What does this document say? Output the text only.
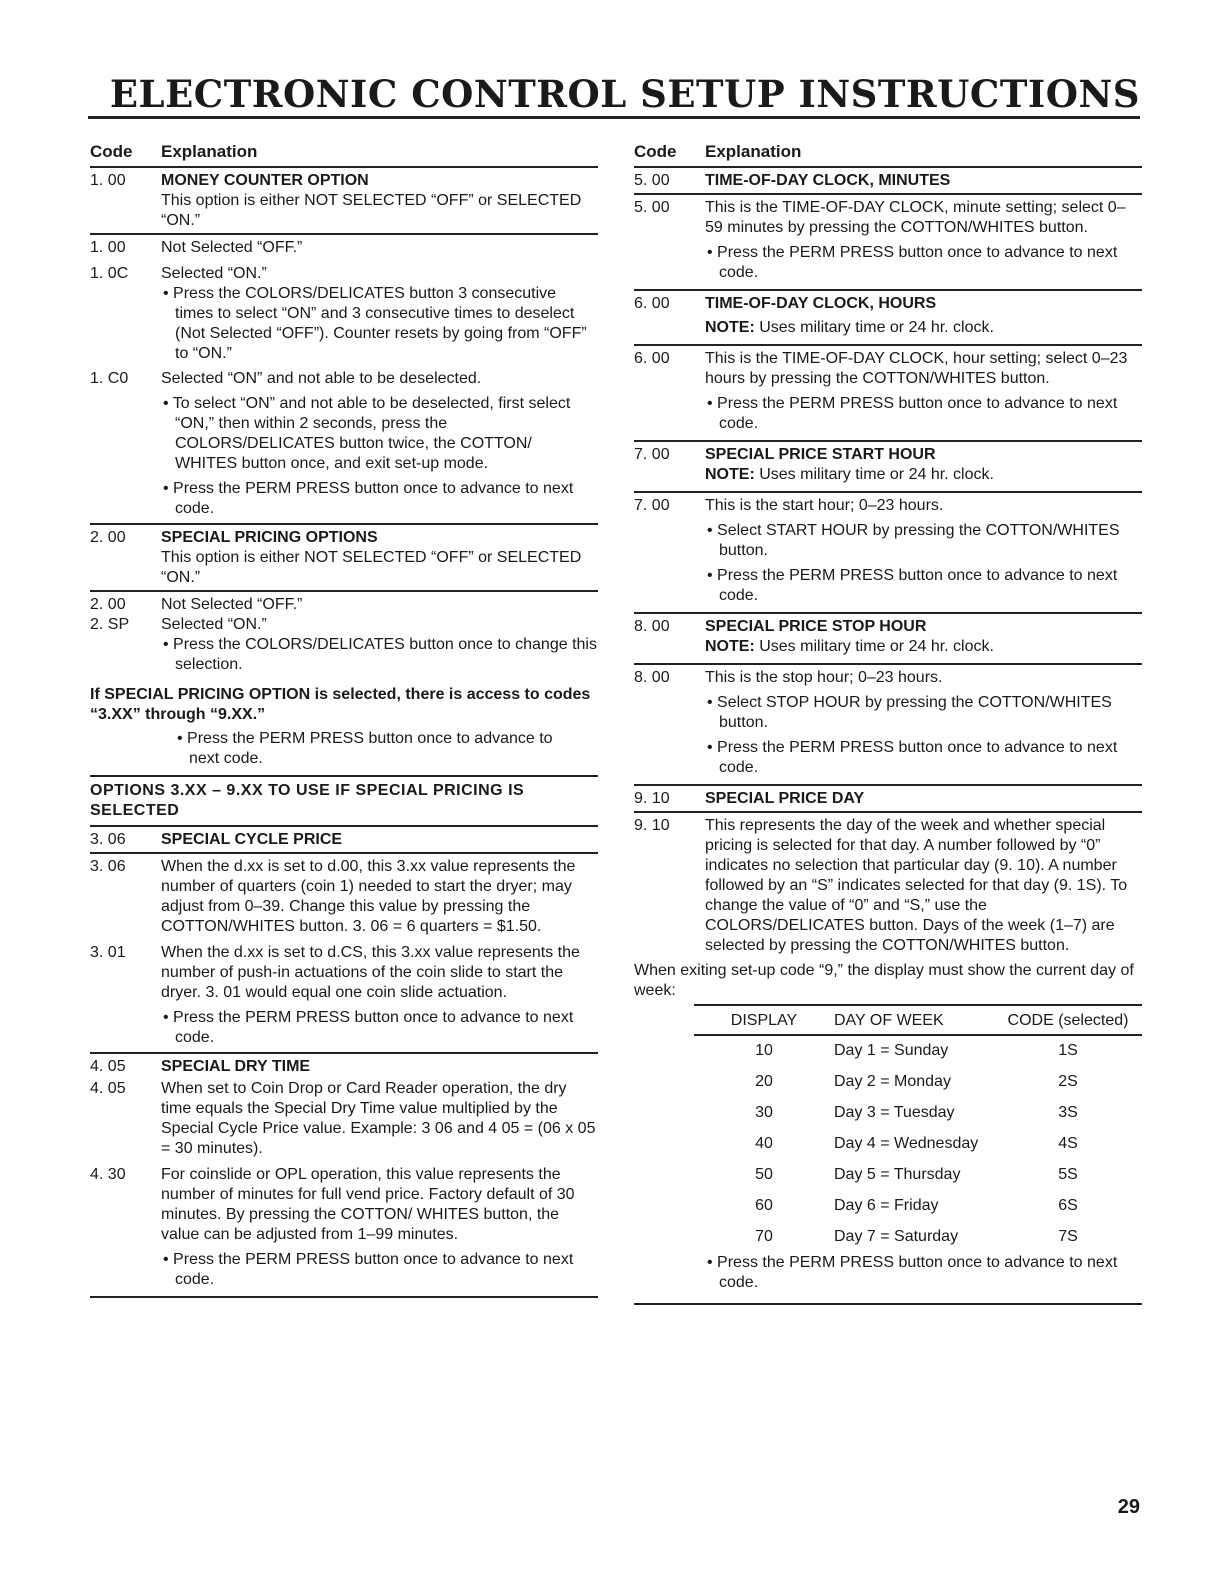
ELECTRONIC CONTROL SETUP INSTRUCTIONS
Code	Explanation
1. 00	MONEY COUNTER OPTION
This option is either NOT SELECTED “OFF” or SELECTED “ON.”
1. 00	Not Selected “OFF.”
1. 0C	Selected “ON.”
• Press the COLORS/DELICATES button 3 consecutive times to select “ON” and 3 consecutive times to deselect (Not Selected “OFF”). Counter resets by going from “OFF” to “ON.”
1. C0	Selected “ON” and not able to be deselected.
• To select “ON” and not able to be deselected, first select “ON,” then within 2 seconds, press the COLORS/DELICATES button twice, the COTTON/ WHITES button once, and exit set-up mode.
• Press the PERM PRESS button once to advance to next code.
2. 00	SPECIAL PRICING OPTIONS
This option is either NOT SELECTED “OFF” or SELECTED “ON.”
2. 00	Not Selected “OFF.”
2. SP	Selected “ON.”
• Press the COLORS/DELICATES button once to change this selection.
If SPECIAL PRICING OPTION is selected, there is access to codes “3.XX” through “9.XX.”
• Press the PERM PRESS button once to advance to next code.
OPTIONS 3.XX – 9.XX TO USE IF SPECIAL PRICING IS SELECTED
3. 06	SPECIAL CYCLE PRICE
3. 06	When the d.xx is set to d.00, this 3.xx value represents the number of quarters (coin 1) needed to start the dryer; may adjust from 0–39. Change this value by pressing the COTTON/WHITES button. 3. 06 = 6 quarters = $1.50.
3. 01	When the d.xx is set to d.CS, this 3.xx value represents the number of push-in actuations of the coin slide to start the dryer. 3. 01 would equal one coin slide actuation.
• Press the PERM PRESS button once to advance to next code.
4. 05	SPECIAL DRY TIME
4. 05	When set to Coin Drop or Card Reader operation, the dry time equals the Special Dry Time value multiplied by the Special Cycle Price value. Example: 3 06 and 4 05 = (06 x 05 = 30 minutes).
4. 30	For coinslide or OPL operation, this value represents the number of minutes for full vend price. Factory default of 30 minutes. By pressing the COTTON/ WHITES button, the value can be adjusted from 1–99 minutes.
• Press the PERM PRESS button once to advance to next code.
Code	Explanation
5. 00	TIME-OF-DAY CLOCK, MINUTES
5. 00	This is the TIME-OF-DAY CLOCK, minute setting; select 0–59 minutes by pressing the COTTON/WHITES button.
• Press the PERM PRESS button once to advance to next code.
6. 00	TIME-OF-DAY CLOCK, HOURS
NOTE: Uses military time or 24 hr. clock.
6. 00	This is the TIME-OF-DAY CLOCK, hour setting; select 0–23 hours by pressing the COTTON/WHITES button.
• Press the PERM PRESS button once to advance to next code.
7. 00	SPECIAL PRICE START HOUR
NOTE: Uses military time or 24 hr. clock.
7. 00	This is the start hour; 0–23 hours.
• Select START HOUR by pressing the COTTON/WHITES button.
• Press the PERM PRESS button once to advance to next code.
8. 00	SPECIAL PRICE STOP HOUR
NOTE: Uses military time or 24 hr. clock.
8. 00	This is the stop hour; 0–23 hours.
• Select STOP HOUR by pressing the COTTON/WHITES button.
• Press the PERM PRESS button once to advance to next code.
9. 10	SPECIAL PRICE DAY
9. 10	This represents the day of the week and whether special pricing is selected for that day. A number followed by “0” indicates no selection that particular day (9. 10). A number followed by an “S” indicates selected for that day (9. 1S). To change the value of “0” and “S,” use the COLORS/DELICATES button. Days of the week (1–7) are selected by pressing the COTTON/WHITES button.
When exiting set-up code “9,” the display must show the current day of week:
DISPLAY	DAY OF WEEK	CODE (selected)
10	Day 1 = Sunday	1S
20	Day 2 = Monday	2S
30	Day 3 = Tuesday	3S
40	Day 4 = Wednesday	4S
50	Day 5 = Thursday	5S
60	Day 6 = Friday	6S
70	Day 7 = Saturday	7S
• Press the PERM PRESS button once to advance to next code.
29
